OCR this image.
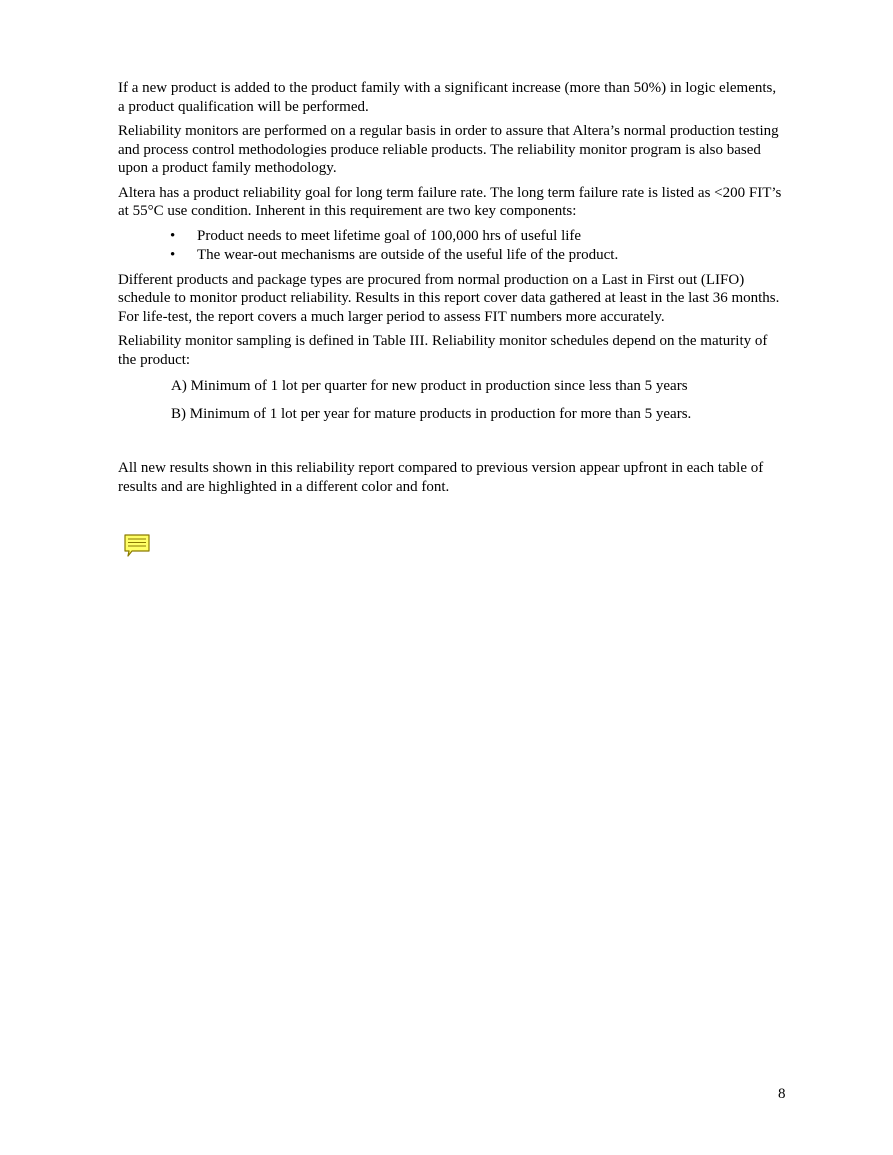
If a new product is added to the product family with a significant increase (more than 50%) in logic elements, a product qualification will be performed.

Reliability monitors are performed on a regular basis in order to assure that Altera’s normal production testing and process control methodologies produce reliable products. The reliability monitor program is also based upon a product family methodology.

Altera has a product reliability goal for long term failure rate. The long term failure rate is listed as <200 FIT’s at 55°C use condition. Inherent in this requirement are two key components:

• Product needs to meet lifetime goal of 100,000 hrs of useful life
• The wear-out mechanisms are outside of the useful life of the product.

Different products and package types are procured from normal production on a Last in First out (LIFO) schedule to monitor product reliability. Results in this report cover data gathered at least in the last 36 months. For life-test, the report covers a much larger period to assess FIT numbers more accurately.

Reliability monitor sampling is defined in Table III. Reliability monitor schedules depend on the maturity of the product:

A) Minimum of 1 lot per quarter for new product in production since less than 5 years

B) Minimum of 1 lot per year for mature products in production for more than 5 years.

All new results shown in this reliability report compared to previous version appear upfront in each table of results and are highlighted in a different color and font.

8
